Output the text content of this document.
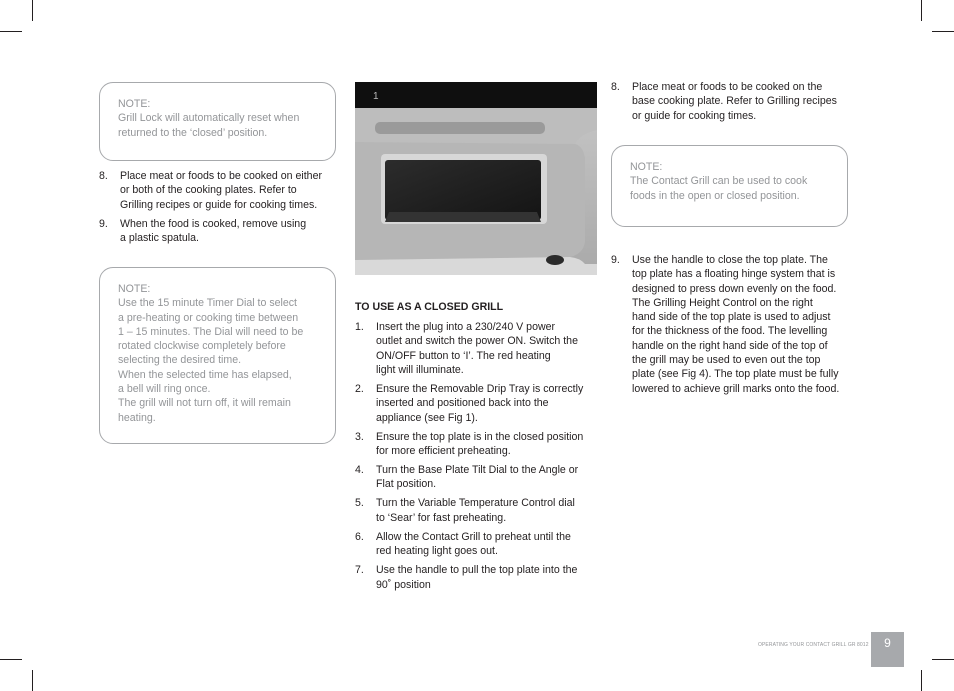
NOTE:
Grill Lock will automatically reset when
returned to the ‘closed’ position.
8. Place meat or foods to be cooked on either
or both of the cooking plates. Refer to
Grilling recipes or guide for cooking times.
9. When the food is cooked, remove using
a plastic spatula.
NOTE:
Use the 15 minute Timer Dial to select
a pre-heating or cooking time between
1 – 15 minutes. The Dial will need to be
rotated clockwise completely before
selecting the desired time.
When the selected time has elapsed,
a bell will ring once.
The grill will not turn off, it will remain
heating.
1
TO USE AS A CLOSED GRILL
1. Insert the plug into a 230/240 V power
outlet and switch the power ON. Switch the
ON/OFF button to ‘I’. The red heating
light will illuminate.
2. Ensure the Removable Drip Tray is correctly
inserted and positioned back into the
appliance (see Fig 1).
3. Ensure the top plate is in the closed position
for more efficient preheating.
4. Turn the Base Plate Tilt Dial to the Angle or
Flat position.
5. Turn the Variable Temperature Control dial
to ‘Sear’ for fast preheating.
6. Allow the Contact Grill to preheat until the
red heating light goes out.
7. Use the handle to pull the top plate into the
90˚ position
8. Place meat or foods to be cooked on the
base cooking plate. Refer to Grilling recipes
or guide for cooking times.
NOTE:
The Contact Grill can be used to cook
foods in the open or closed position.
9. Use the handle to close the top plate. The
top plate has a floating hinge system that is
designed to press down evenly on the food.
The Grilling Height Control on the right
hand side of the top plate is used to adjust
for the thickness of the food. The levelling
handle on the right hand side of the top of
the grill may be used to even out the top
plate (see Fig 4). The top plate must be fully
lowered to achieve grill marks onto the food.
OPERATING YOUR CONTACT GRILL GR 8012	9
